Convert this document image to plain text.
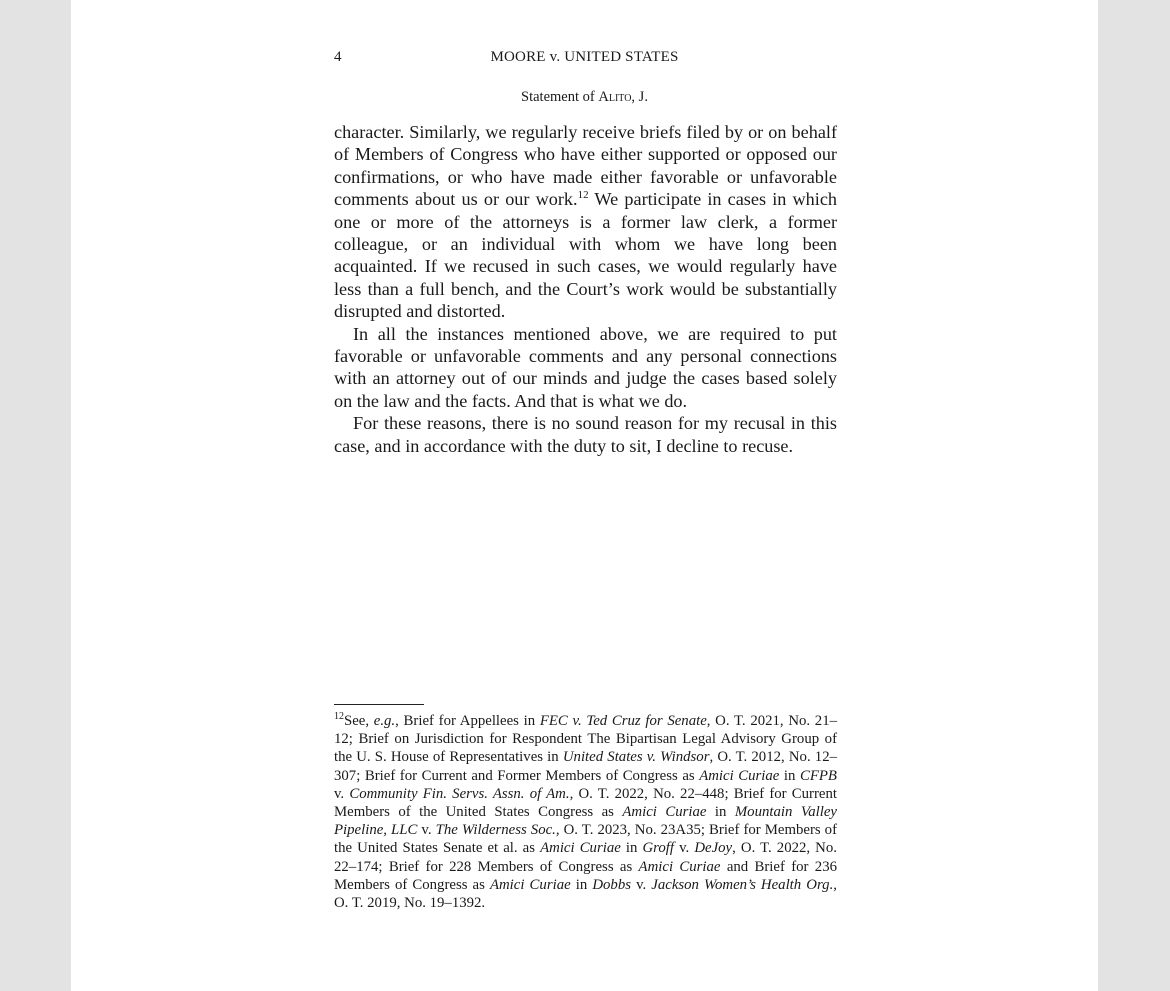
4	MOORE v. UNITED STATES
Statement of Alito, J.

character. Similarly, we regularly receive briefs filed by or on behalf of Members of Congress who have either supported or opposed our confirmations, or who have made either favorable or unfavorable comments about us or our work.$^{12}$ We participate in cases in which one or more of the attorneys is a former law clerk, a former colleague, or an individual with whom we have long been acquainted. If we recused in such cases, we would regularly have less than a full bench, and the Court’s work would be substantially disrupted and distorted.

In all the instances mentioned above, we are required to put favorable or unfavorable comments and any personal connections with an attorney out of our minds and judge the cases based solely on the law and the facts. And that is what we do.

For these reasons, there is no sound reason for my recusal in this case, and in accordance with the duty to sit, I decline to recuse.

$^{12}$See, e.g., Brief for Appellees in FEC v. Ted Cruz for Senate, O. T. 2021, No. 21–12; Brief on Jurisdiction for Respondent The Bipartisan Legal Advisory Group of the U. S. House of Representatives in United States v. Windsor, O. T. 2012, No. 12–307; Brief for Current and Former Members of Congress as Amici Curiae in CFPB v. Community Fin. Servs. Assn. of Am., O. T. 2022, No. 22–448; Brief for Current Members of the United States Congress as Amici Curiae in Mountain Valley Pipeline, LLC v. The Wilderness Soc., O. T. 2023, No. 23A35; Brief for Members of the United States Senate et al. as Amici Curiae in Groff v. DeJoy, O. T. 2022, No. 22–174; Brief for 228 Members of Congress as Amici Curiae and Brief for 236 Members of Congress as Amici Curiae in Dobbs v. Jackson Women’s Health Org., O. T. 2019, No. 19–1392.
